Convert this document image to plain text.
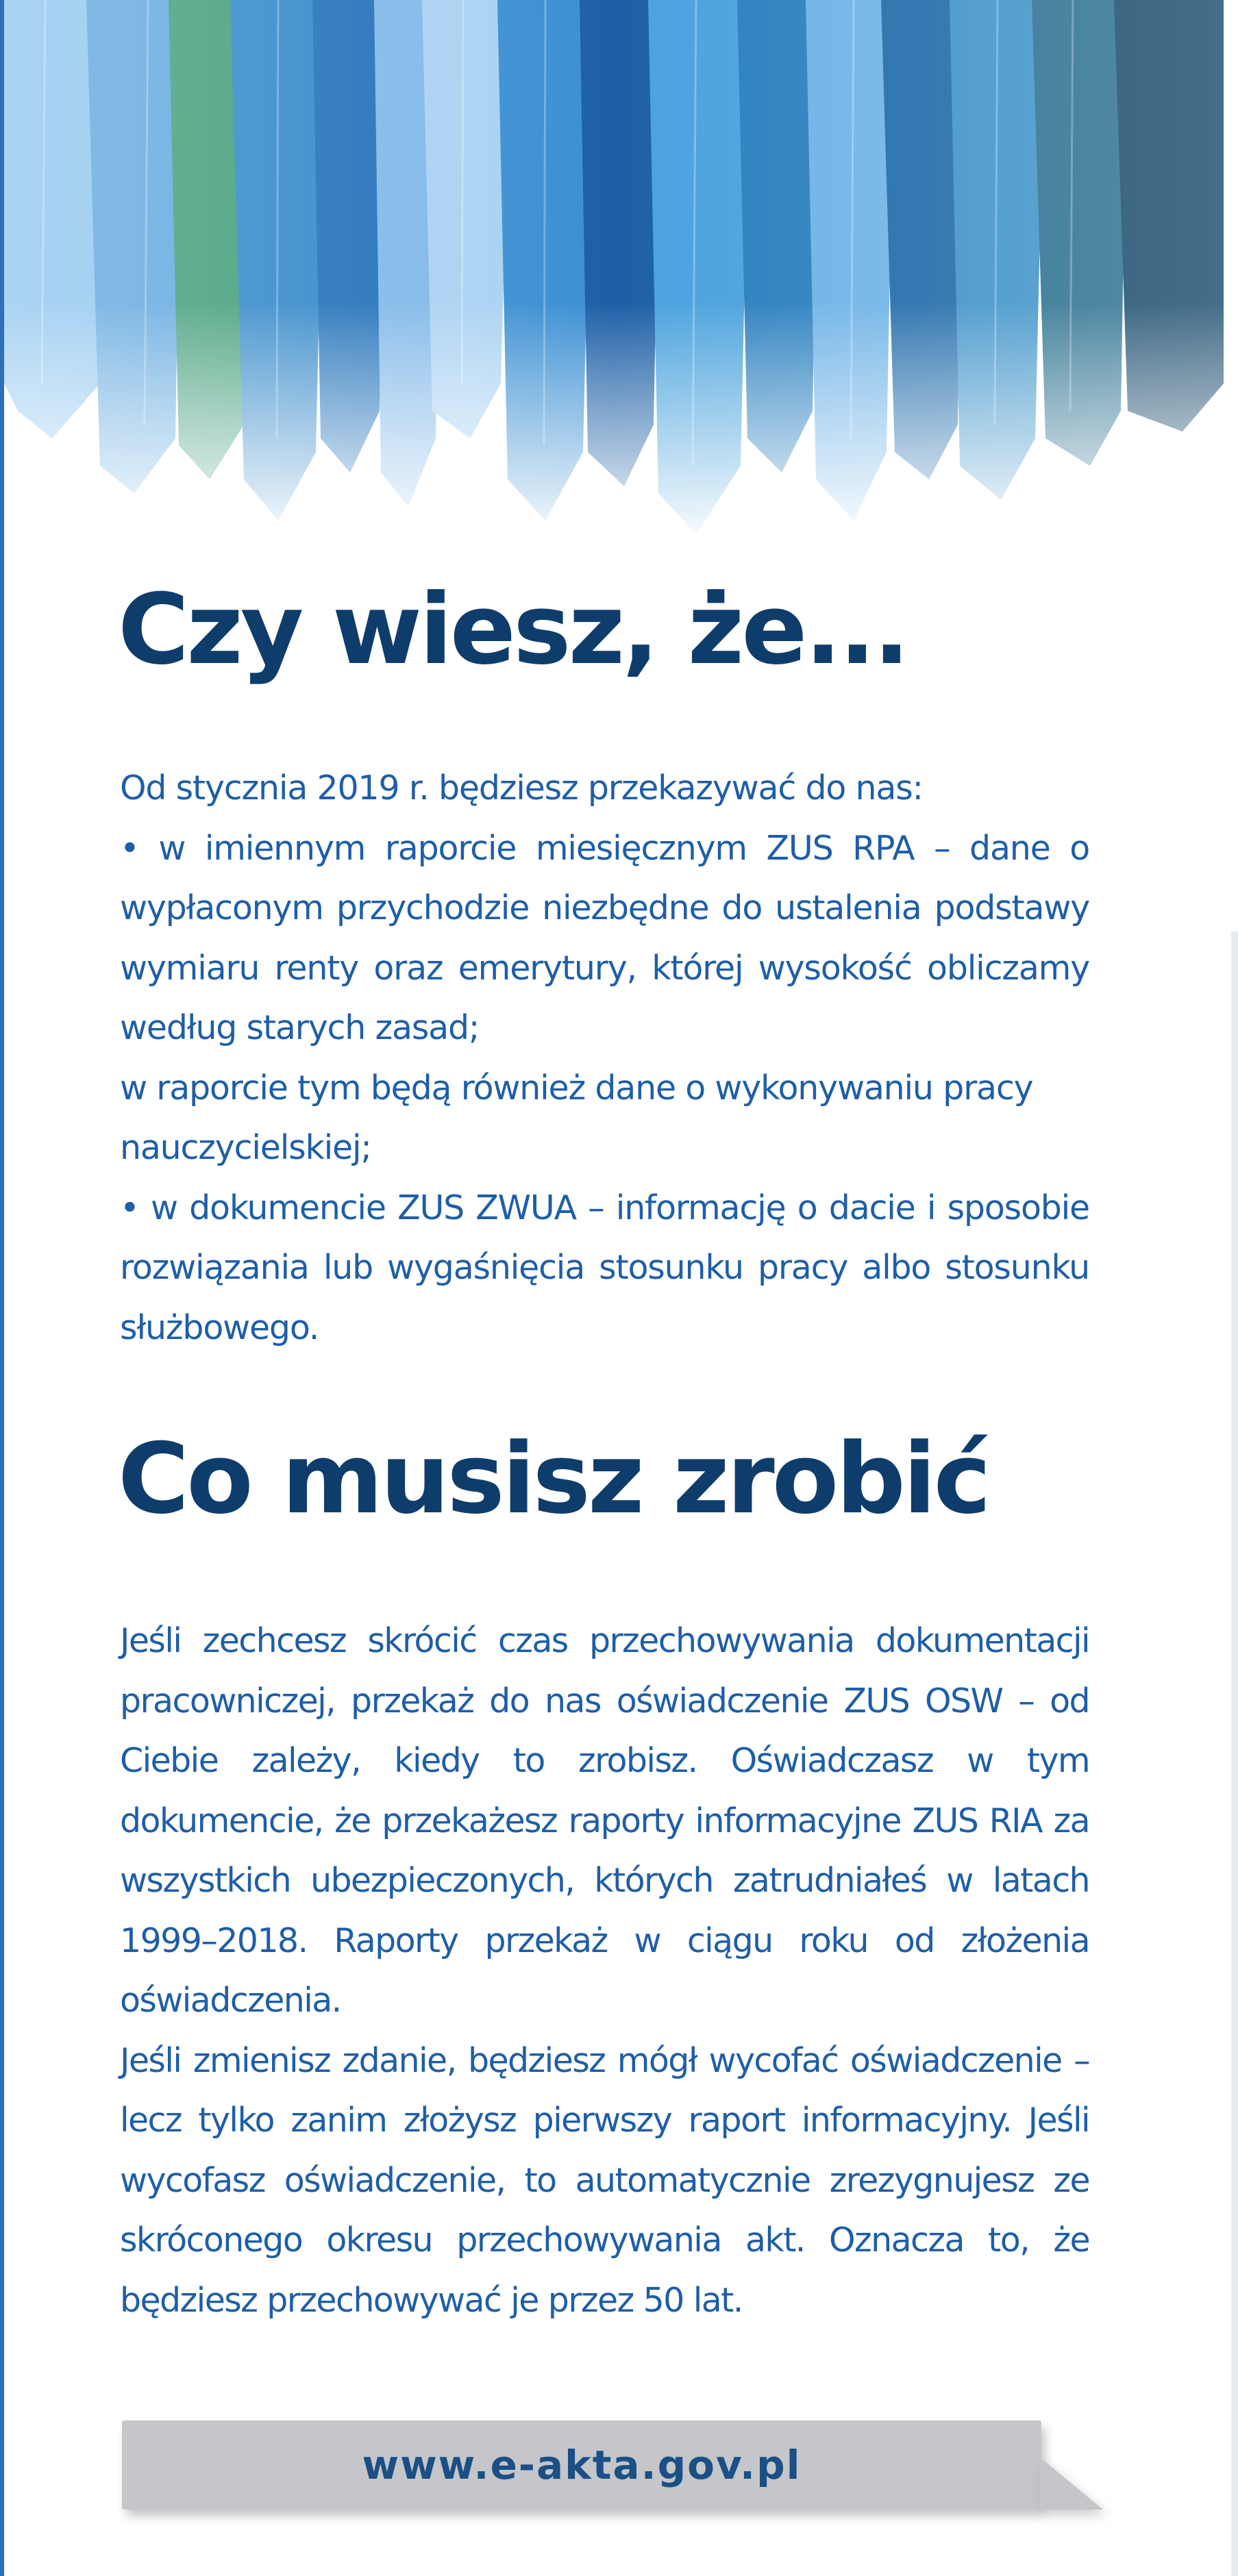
Czy wiesz, że...

Od stycznia 2019 r. będziesz przekazywać do nas:

• w imiennym raporcie miesięcznym ZUS RPA – dane o wypłaconym przychodzie niezbędne do ustalenia podstawy wymiaru renty oraz emerytury, której wysokość obliczamy według starych zasad;

w raporcie tym będą również dane o wykonywaniu pracy nauczycielskiej;

• w dokumencie ZUS ZWUA – informację o dacie i sposobie rozwiązania lub wygaśnięcia stosunku pracy albo stosunku służbowego.

Co musisz zrobić

Jeśli zechcesz skrócić czas przechowywania dokumentacji pracowniczej, przekaż do nas oświadczenie ZUS OSW – od Ciebie zależy, kiedy to zrobisz. Oświadczasz w tym dokumencie, że przekażesz raporty informacyjne ZUS RIA za wszystkich ubezpieczonych, których zatrudniałeś w latach 1999–2018. Raporty przekaż w ciągu roku od złożenia oświadczenia.

Jeśli zmienisz zdanie, będziesz mógł wycofać oświadczenie – lecz tylko zanim złożysz pierwszy raport informacyjny. Jeśli wycofasz oświadczenie, to automatycznie zrezygnujesz ze skróconego okresu przechowywania akt. Oznacza to, że będziesz przechowywać je przez 50 lat.

www.e-akta.gov.pl
